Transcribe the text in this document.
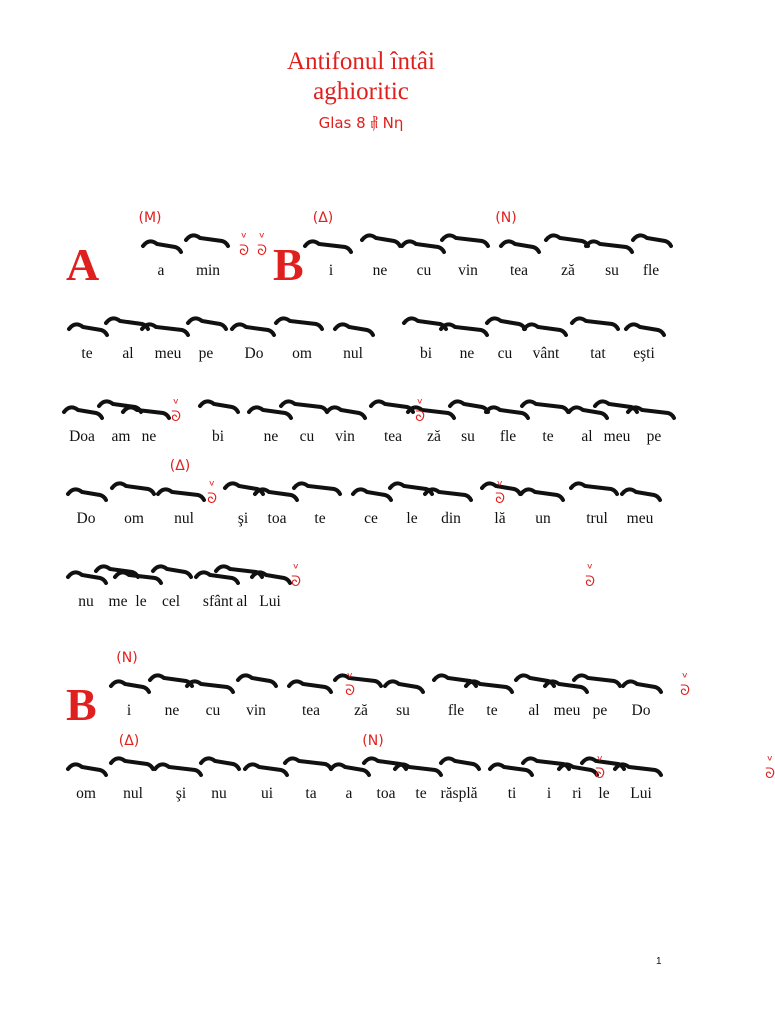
Antifonul întâi
aghioritic
Glas 8 ⳦ Nη
A	a min B i	ne cu vin tea ză su fle
(M)	(Δ)	(N)
ᵛ
ᘐ
ᵛ
ᘐ
te al meu pe Do om nul	bi ne cu vânt tat eşti
Doa am ne	bi	ne cu vin tea ză su fle te al meu pe
ᵛ
ᘐ
ᵛ
ᘐ
Do om nul	şi toa te ce le din lă un trul meu
(Δ)
ᵛ
ᘐ
ᵛ
ᘐ
nu me le cel sfânt al Lui
ᵛ
ᘐ
ᵛ
ᘐ
B i ne cu vin tea ză su fle te al meu pe Do
(N)
ᵛ
ᘐ
ᵛ
ᘐ
om nul şi nu ui ta a toa te răsplă ti i ri le Lui
(Δ)	(N)
ᵛ
ᘐ
ᵛ
ᘐ
1
